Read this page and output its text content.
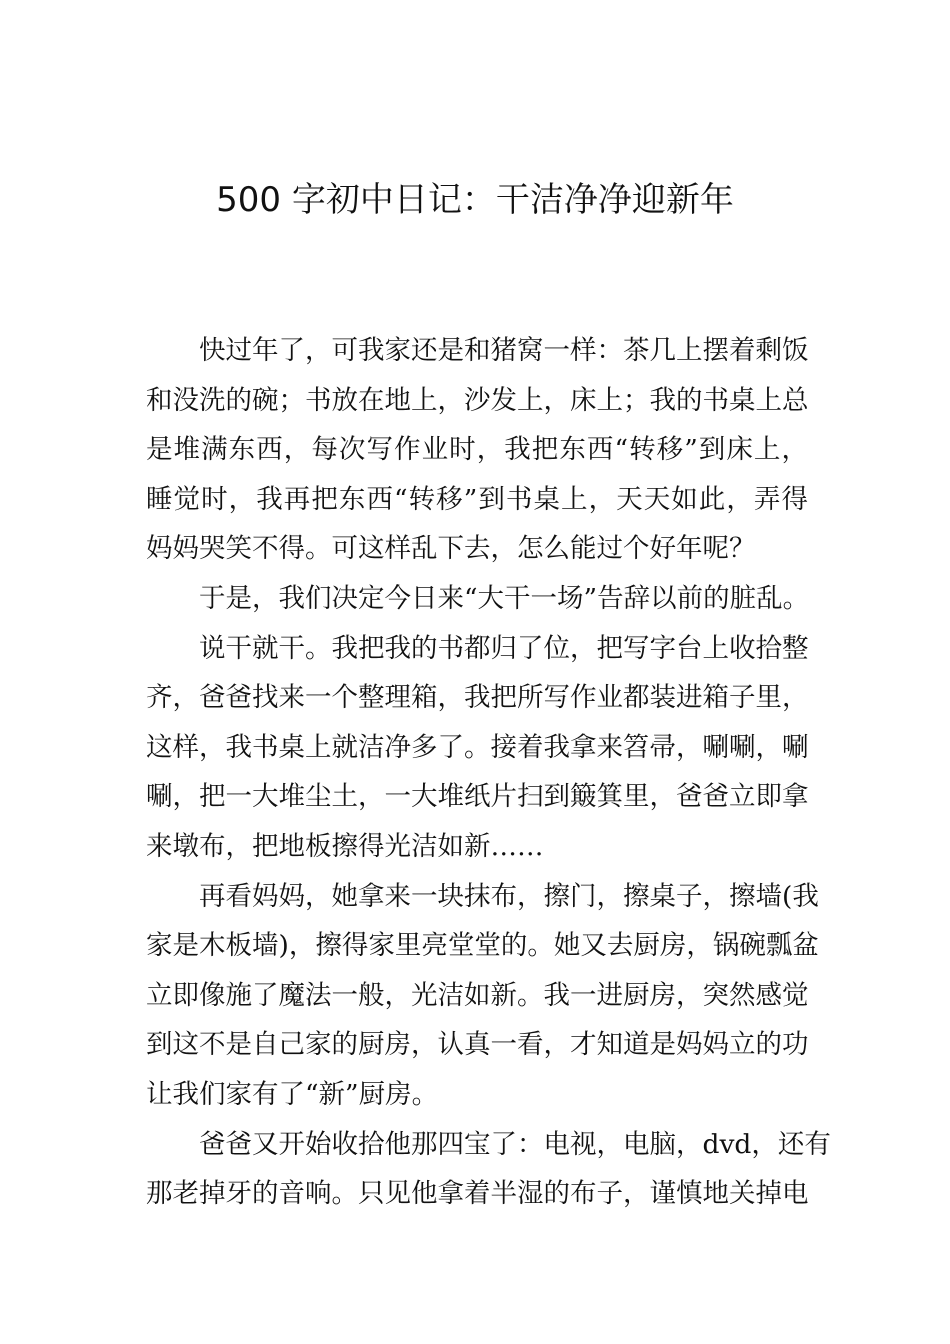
500 字初中日记：干洁净净迎新年
快过年了，可我家还是和猪窝一样：茶几上摆着剩饭
和没洗的碗；书放在地上，沙发上，床上；我的书桌上总
是堆满东西，每次写作业时，我把东西“转移”到床上，
睡觉时，我再把东西“转移”到书桌上，天天如此，弄得
妈妈哭笑不得。可这样乱下去，怎么能过个好年呢？
于是，我们决定今日来“大干一场”告辞以前的脏乱。
说干就干。我把我的书都归了位，把写字台上收拾整
齐，爸爸找来一个整理箱，我把所写作业都装进箱子里，
这样，我书桌上就洁净多了。接着我拿来笤帚，唰唰，唰
唰，把一大堆尘土，一大堆纸片扫到簸箕里，爸爸立即拿
来墩布，把地板擦得光洁如新……
再看妈妈，她拿来一块抹布，擦门，擦桌子，擦墙(我
家是木板墙)，擦得家里亮堂堂的。她又去厨房，锅碗瓢盆
立即像施了魔法一般，光洁如新。我一进厨房，突然感觉
到这不是自己家的厨房，认真一看，才知道是妈妈立的功
让我们家有了“新”厨房。
爸爸又开始收拾他那四宝了：电视，电脑，dvd，还有
那老掉牙的音响。只见他拿着半湿的布子，谨慎地关掉电
